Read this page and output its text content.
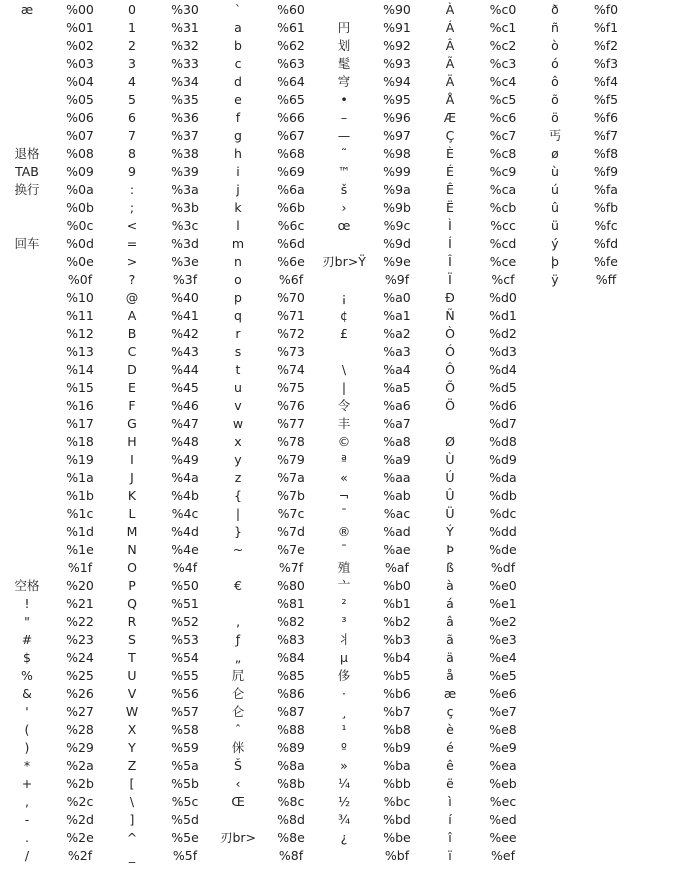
æ	%00	0	%30	`	%60		%90	À	%c0	ð	%f0
	%01	1	%31	a	%61	円	%91	Á	%c1	ñ	%f1
	%02	2	%32	b	%62	划	%92	Â	%c2	ò	%f2
	%03	3	%33	c	%63	髦	%93	Ã	%c3	ó	%f3
	%04	4	%34	d	%64	穹	%94	Ä	%c4	ô	%f4
	%05	5	%35	e	%65	•	%95	Å	%c5	õ	%f5
	%06	6	%36	f	%66	–	%96	Æ	%c6	ö	%f6
	%07	7	%37	g	%67	—	%97	Ç	%c7	丐	%f7
退格	%08	8	%38	h	%68	˜	%98	È	%c8	ø	%f8
TAB	%09	9	%39	i	%69	™	%99	É	%c9	ù	%f9
换行	%0a	:	%3a	j	%6a	š	%9a	Ê	%ca	ú	%fa
	%0b	;	%3b	k	%6b	›	%9b	Ë	%cb	û	%fb
	%0c	<	%3c	l	%6c	œ	%9c	Ì	%cc	ü	%fc
回车	%0d	=	%3d	m	%6d		%9d	Í	%cd	ý	%fd
	%0e	>	%3e	n	%6e	刃br>Ÿ	%9e	Î	%ce	þ	%fe
	%0f	?	%3f	o	%6f		%9f	Ï	%cf	ÿ	%ff
	%10	@	%40	p	%70	¡	%a0	Ð	%d0		
	%11	A	%41	q	%71	¢	%a1	Ñ	%d1		
	%12	B	%42	r	%72	£	%a2	Ò	%d2		
	%13	C	%43	s	%73		%a3	Ó	%d3		
	%14	D	%44	t	%74	\	%a4	Ô	%d4		
	%15	E	%45	u	%75	|	%a5	Õ	%d5		
	%16	F	%46	v	%76	令	%a6	Ö	%d6		
	%17	G	%47	w	%77	丰	%a7		%d7		
	%18	H	%48	x	%78	©	%a8	Ø	%d8		
	%19	I	%49	y	%79	ª	%a9	Ù	%d9		
	%1a	J	%4a	z	%7a	«	%aa	Ú	%da		
	%1b	K	%4b	{	%7b	¬	%ab	Û	%db		
	%1c	L	%4c	|	%7c	¯	%ac	Ü	%dc		
	%1d	M	%4d	}	%7d	®	%ad	Ý	%dd		
	%1e	N	%4e	~	%7e	¯	%ae	Þ	%de		
	%1f	O	%4f		%7f	殖	%af	ß	%df		
空格	%20	P	%50	€	%80	亠	%b0	à	%e0		
!	%21	Q	%51		%81	²	%b1	á	%e1		
"	%22	R	%52	‚	%82	³	%b2	â	%e2		
#	%23	S	%53	ƒ	%83	丬	%b3	ã	%e3		
$	%24	T	%54	„	%84	µ	%b4	ä	%e4		
%	%25	U	%55	凥	%85	侈	%b5	å	%e5		
&	%26	V	%56	仑	%86	·	%b6	æ	%e6		
'	%27	W	%57	仑	%87	¸	%b7	ç	%e7		
(	%28	X	%58	ˆ	%88	¹	%b8	è	%e8		
)	%29	Y	%59	侎	%89	º	%b9	é	%e9		
*	%2a	Z	%5a	Š	%8a	»	%ba	ê	%ea		
+	%2b	[	%5b	‹	%8b	¼	%bb	ë	%eb		
,	%2c	\	%5c	Œ	%8c	½	%bc	ì	%ec		
-	%2d	]	%5d		%8d	¾	%bd	í	%ed		
.	%2e	^	%5e	刃br>	%8e	¿	%be	î	%ee		
/	%2f	_	%5f		%8f		%bf	ï	%ef		
